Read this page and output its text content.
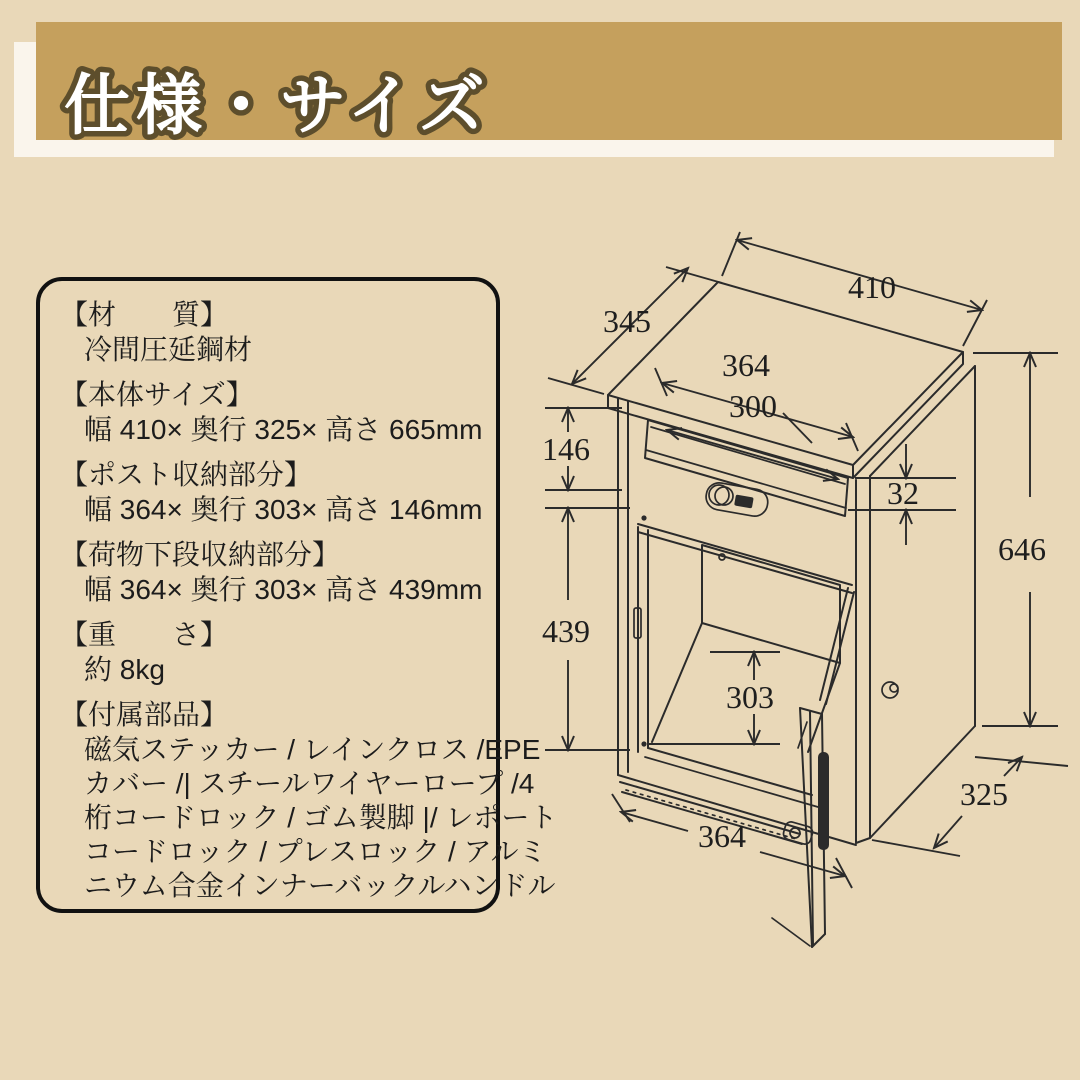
仕様・サイズ
【材　　質】
冷間圧延鋼材
【本体サイズ】
幅 410× 奥行 325× 高さ 665mm
【ポスト収納部分】
幅 364× 奥行 303× 高さ 146mm
【荷物下段収納部分】
幅 364× 奥行 303× 高さ 439mm
【重　　さ】
約 8kg
【付属部品】
磁気ステッカー / レインクロス /EPE
カバー /| スチールワイヤーロープ /4
桁コードロック / ゴム製脚 |/ レポート
コードロック / プレスロック / アルミ
ニウム合金インナーバックルハンドル
410
345
364
300
146
439
32
646
303
364
325
